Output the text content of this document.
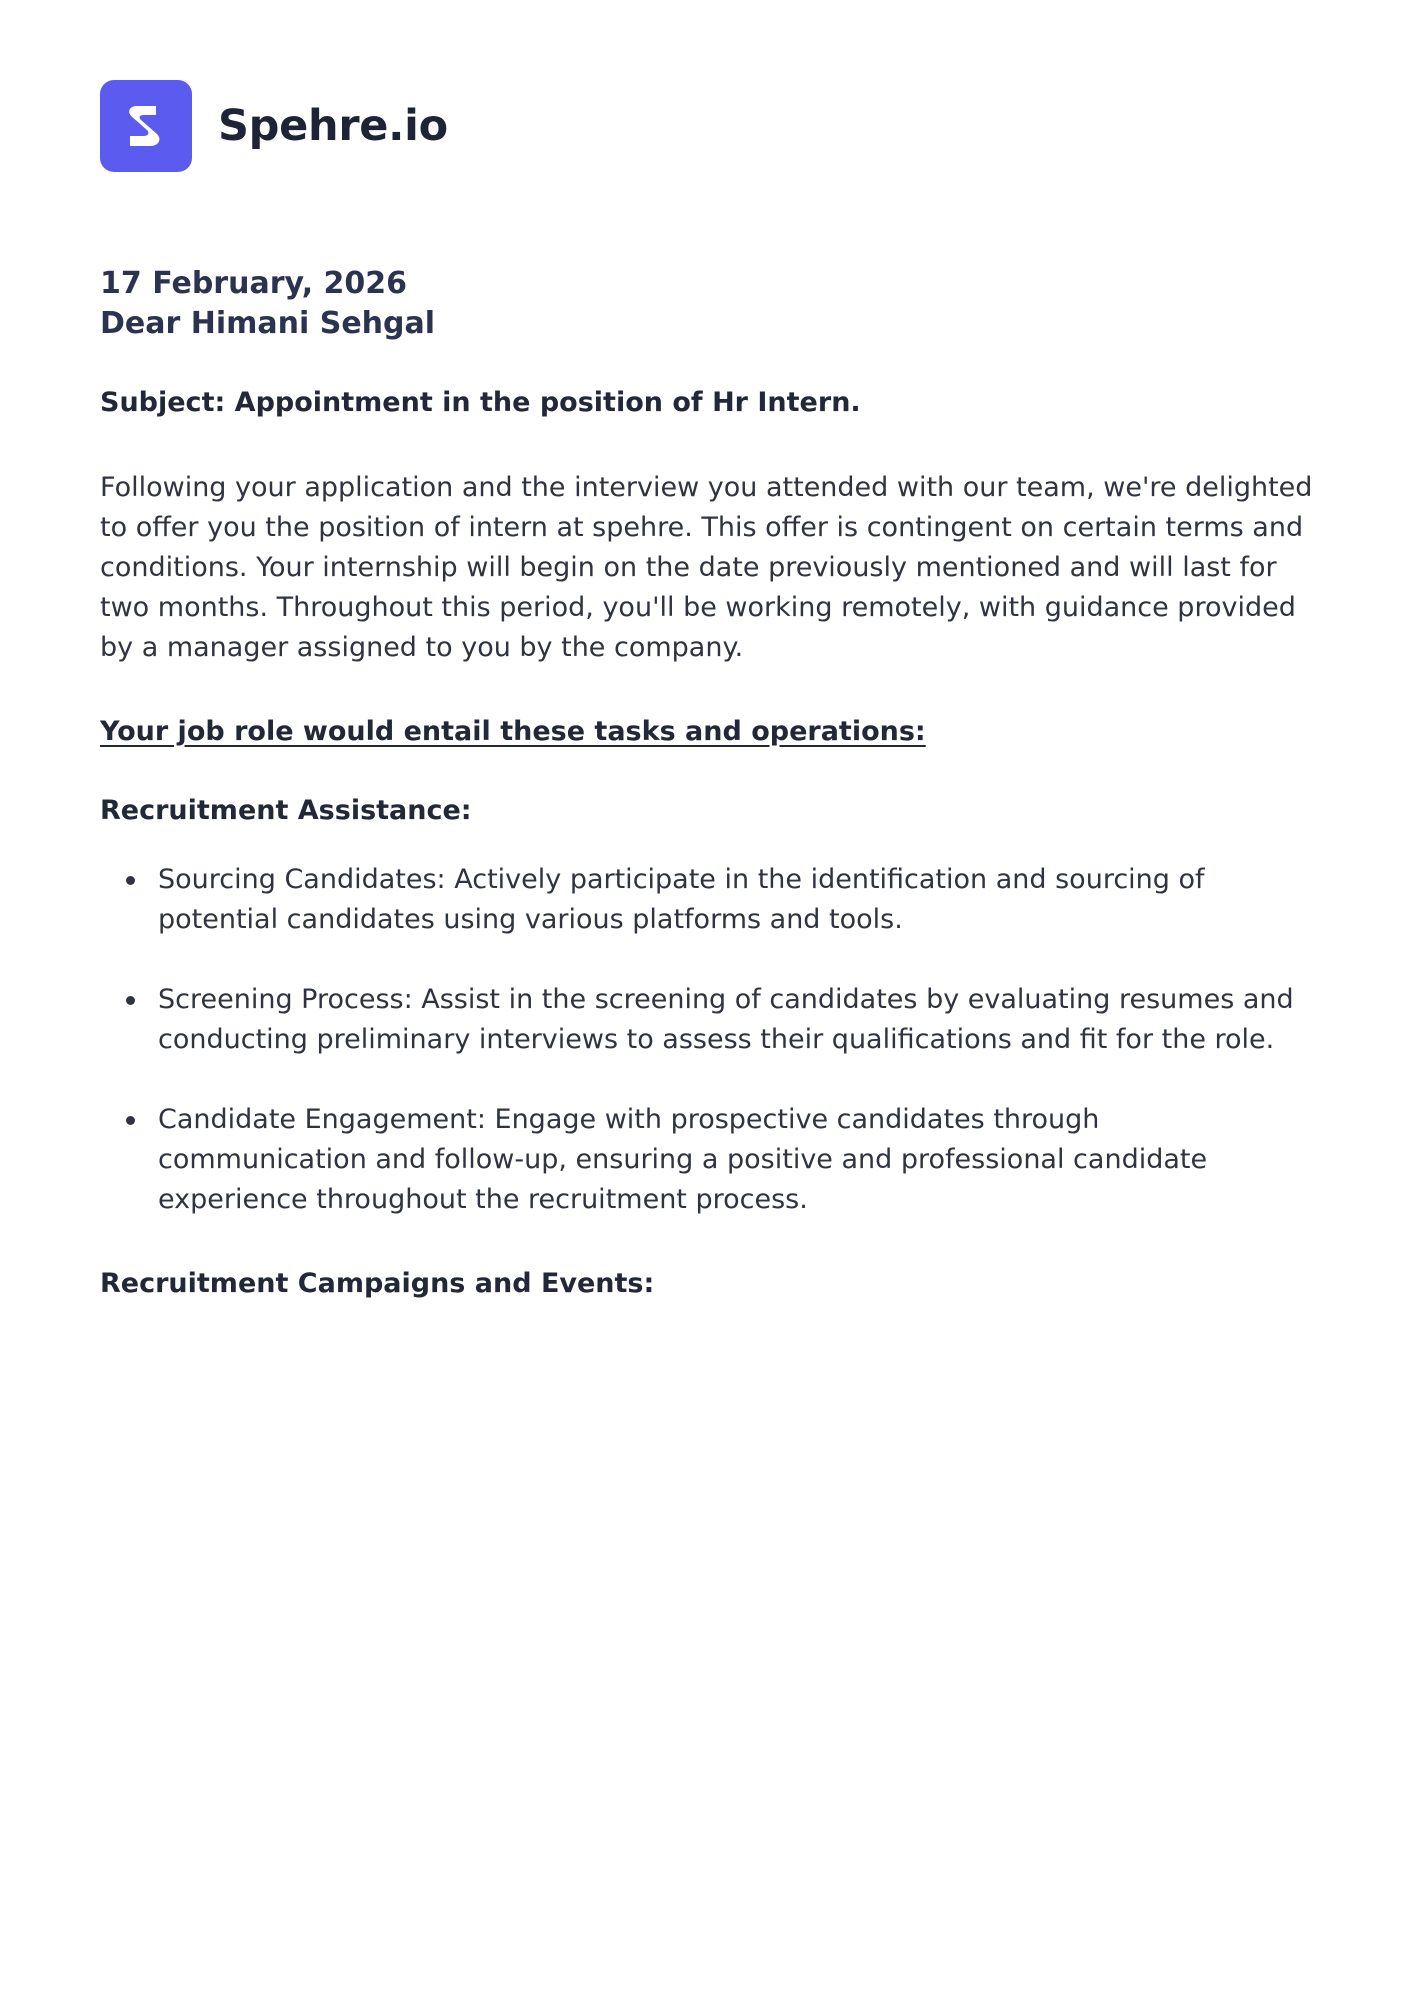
Spehre.io
17 February, 2026
Dear Himani Sehgal
Subject: Appointment in the position of Hr Intern.

Following your application and the interview you attended with our team, we're delighted to offer you the position of intern at spehre. This offer is contingent on certain terms and conditions. Your internship will begin on the date previously mentioned and will last for two months. Throughout this period, you'll be working remotely, with guidance provided by a manager assigned to you by the company.

Your job role would entail these tasks and operations:
Recruitment Assistance:
Sourcing Candidates: Actively participate in the identification and sourcing of potential candidates using various platforms and tools.
Screening Process: Assist in the screening of candidates by evaluating resumes and conducting preliminary interviews to assess their qualifications and fit for the role.
Candidate Engagement: Engage with prospective candidates through communication and follow-up, ensuring a positive and professional candidate experience throughout the recruitment process.
Recruitment Campaigns and Events:
